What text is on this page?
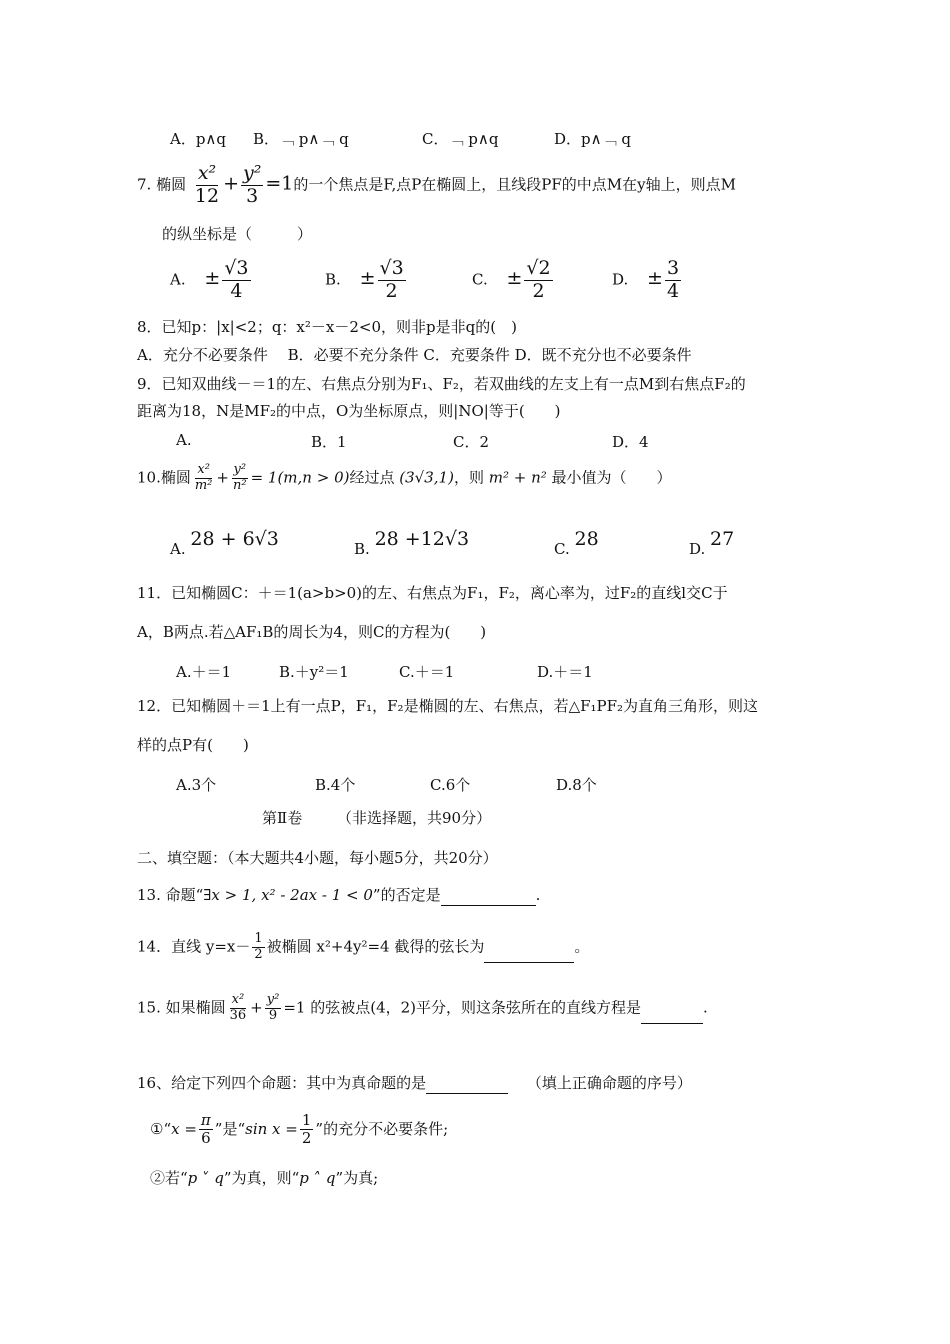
A．p∧q B．﹁ p∧﹁ q	C．﹁ p∧q	D．p∧﹁ q
7. 椭圆 $\frac{\text{x²}}{12} + \frac{\text{y²}}{3} =1$的一个焦点是F,点P在椭圆上，且线段PF的中点M在y轴上，则点M
的纵坐标是（　　　）
A. ± $\frac{√3}{4}$	B. ± $\frac{√3}{2}$	C. ± $\frac{√2}{2}$	D. ± $\frac{3}{4}$
8．已知p：|x|<2；q：x²－x－2<0，则非p是非q的(　)
A．充分不必要条件　 B．必要不充分条件 C．充要条件 D．既不充分也不必要条件
9．已知双曲线－＝1的左、右焦点分别为F₁、F₂，若双曲线的左支上有一点M到右焦点F₂的
距离为18，N是MF₂的中点，O为坐标原点，则|NO|等于(　　)
A.	B．1	C．2	D．4
10.椭圆 $\frac{\text{x²}}{\text{m²}} + \frac{\text{y²}}{\text{n²}} = 1(m,n > 0)$经过点 (3√3,1)，则 m² + n² 最小值为（　　）
A. 28 + 6√3	B. 28 +12√3	C. 28	D. 27
11．已知椭圆C：＋＝1(a>b>0)的左、右焦点为F₁，F₂，离心率为，过F₂的直线l交C于
A，B两点.若△AF₁B的周长为4，则C的方程为(　　)
A.＋＝1	B.＋y²＝1	C.＋＝1	D.＋＝1
12．已知椭圆＋＝1上有一点P，F₁，F₂是椭圆的左、右焦点，若△F₁PF₂为直角三角形，则这
样的点P有(　　)
A.3个	B.4个	C.6个	D.8个
第Ⅱ卷 （非选择题，共90分）
二、填空题：（本大题共4小题，每小题5分，共20分）
13. 命题“∃x > 1, x² - 2ax - 1 < 0”的否定是	.
14．直线 $y=x- \frac{1}{2}$ 被椭圆 x²+4y²=4 截得的弦长为	。
15. 如果椭圆 $\frac{\text{x²}}{36} + \frac{\text{y²}}{9} =1$ 的弦被点(4，2)平分，则这条弦所在的直线方程是	.
16、给定下列四个命题：其中为真命题的是	（填上正确命题的序号）
①“x = $\frac{\pi}{6}$ ”是“sin $x = \frac{1}{2}$ ”的充分不必要条件;
②若“p ˅ q”为真，则“p ˄ q”为真;
